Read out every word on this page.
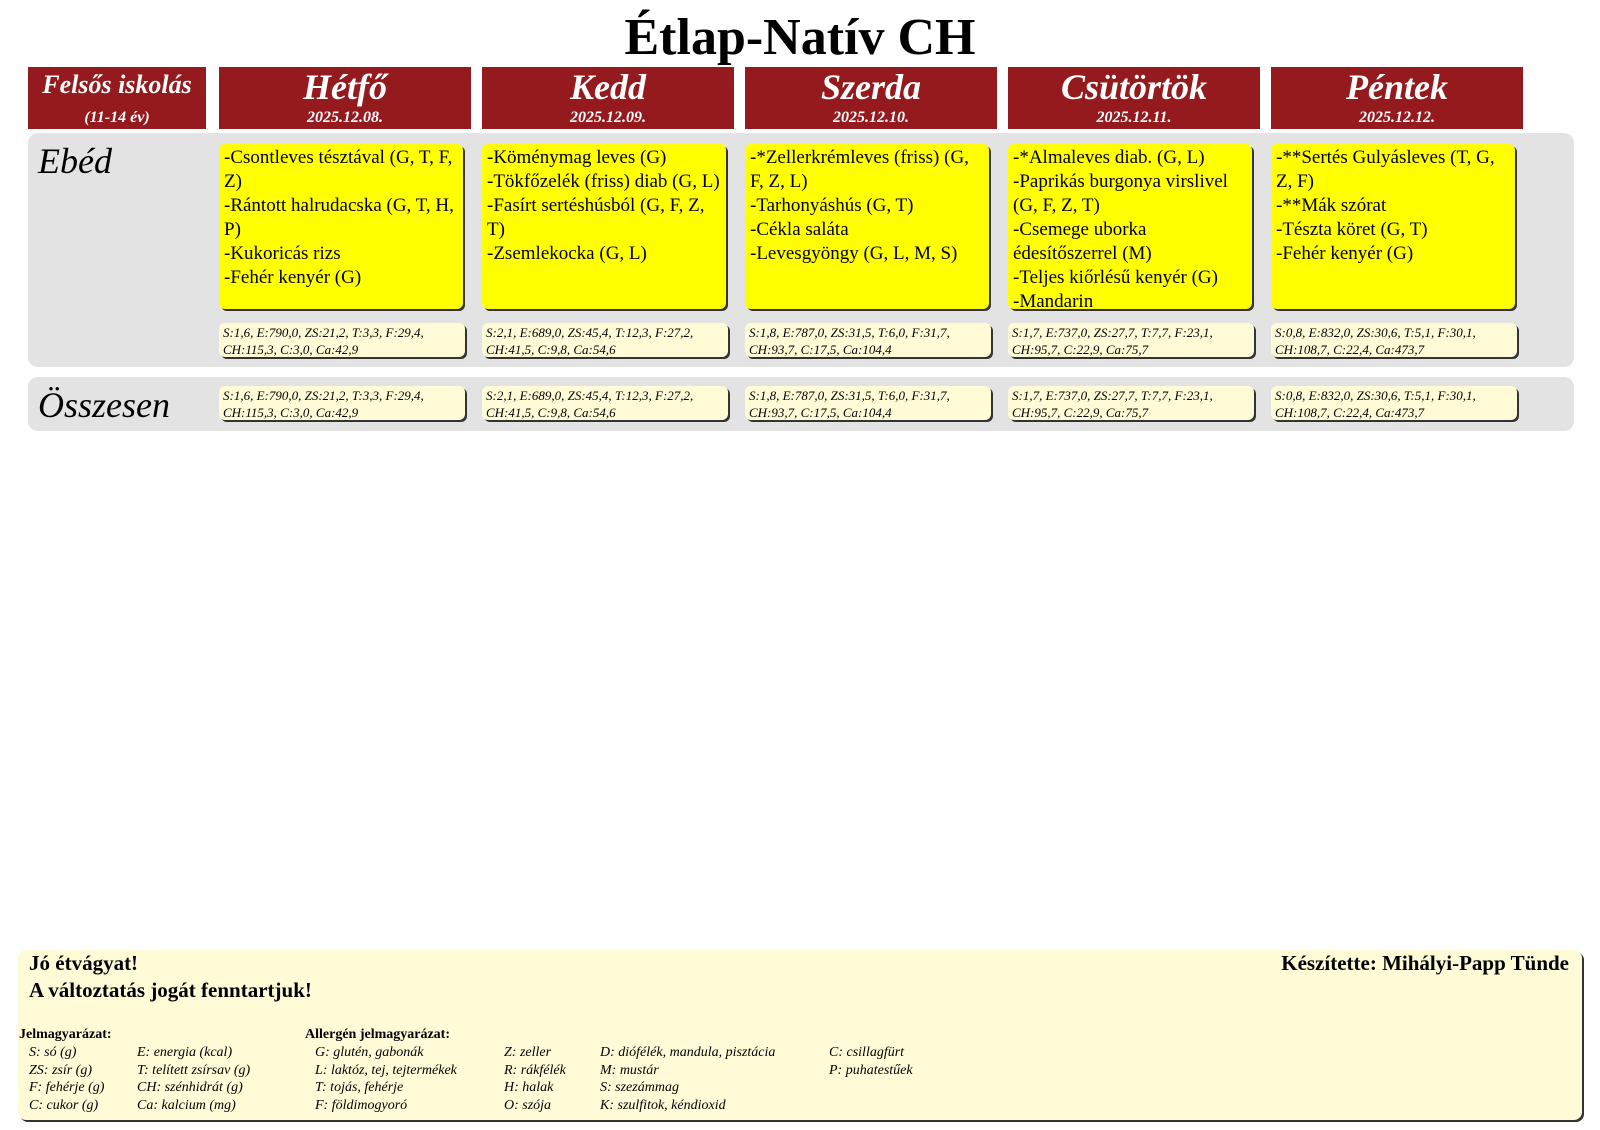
Étlap-Natív CH
Felsős iskolás
(11-14 év)
Hétfő
2025.12.08.
Kedd
2025.12.09.
Szerda
2025.12.10.
Csütörtök
2025.12.11.
Péntek
2025.12.12.
Ebéd	-Csontleves tésztával (G, T, F, Z)
-Rántott halrudacska (G, T, H, P)
-Kukoricás rizs
-Fehér kenyér (G)
-Köménymag leves (G)
-Tökfőzelék (friss) diab (G, L)
-Fasírt sertéshúsból (G, F, Z, T)
-Zsemlekocka (G, L)
-*Zellerkrémleves (friss) (G, F, Z, L)
-Tarhonyáshús (G, T)
-Cékla saláta
-Levesgyöngy (G, L, M, S)
-*Almaleves diab. (G, L)
-Paprikás burgonya virslivel (G, F, Z, T)
-Csemege uborka édesítőszerrel (M)
-Teljes kiőrlésű kenyér (G)
-Mandarin
-**Sertés Gulyásleves (T, G, Z, F)
-**Mák szórat
-Tészta köret (G, T)
-Fehér kenyér (G)
S:1,6, E:790,0, ZS:21,2, T:3,3, F:29,4,
CH:115,3, C:3,0, Ca:42,9
S:2,1, E:689,0, ZS:45,4, T:12,3, F:27,2,
CH:41,5, C:9,8, Ca:54,6
S:1,8, E:787,0, ZS:31,5, T:6,0, F:31,7,
CH:93,7, C:17,5, Ca:104,4
S:1,7, E:737,0, ZS:27,7, T:7,7, F:23,1,
CH:95,7, C:22,9, Ca:75,7
S:0,8, E:832,0, ZS:30,6, T:5,1, F:30,1,
CH:108,7, C:22,4, Ca:473,7
Összesen	S:1,6, E:790,0, ZS:21,2, T:3,3, F:29,4,
CH:115,3, C:3,0, Ca:42,9
S:2,1, E:689,0, ZS:45,4, T:12,3, F:27,2,
CH:41,5, C:9,8, Ca:54,6
S:1,8, E:787,0, ZS:31,5, T:6,0, F:31,7,
CH:93,7, C:17,5, Ca:104,4
S:1,7, E:737,0, ZS:27,7, T:7,7, F:23,1,
CH:95,7, C:22,9, Ca:75,7
S:0,8, E:832,0, ZS:30,6, T:5,1, F:30,1,
CH:108,7, C:22,4, Ca:473,7
Jó étvágyat!
A változtatás jogát fenntartjuk!
Készítette: Mihályi-Papp Tünde
Jelmagyarázat:
S: só (g)
ZS: zsír (g)
F: fehérje (g)
C: cukor (g)
E: energia (kcal)
T: telített zsírsav (g)
CH: szénhidrát (g)
Ca: kalcium (mg)
Allergén jelmagyarázat:
G: glutén, gabonák
L: laktóz, tej, tejtermékek
T: tojás, fehérje
F: földimogyoró
Z: zeller
R: rákfélék
H: halak
O: szója
D: diófélék, mandula, pisztácia
M: mustár
S: szezámmag
K: szulfitok, kéndioxid
C: csillagfürt
P: puhatestűek
